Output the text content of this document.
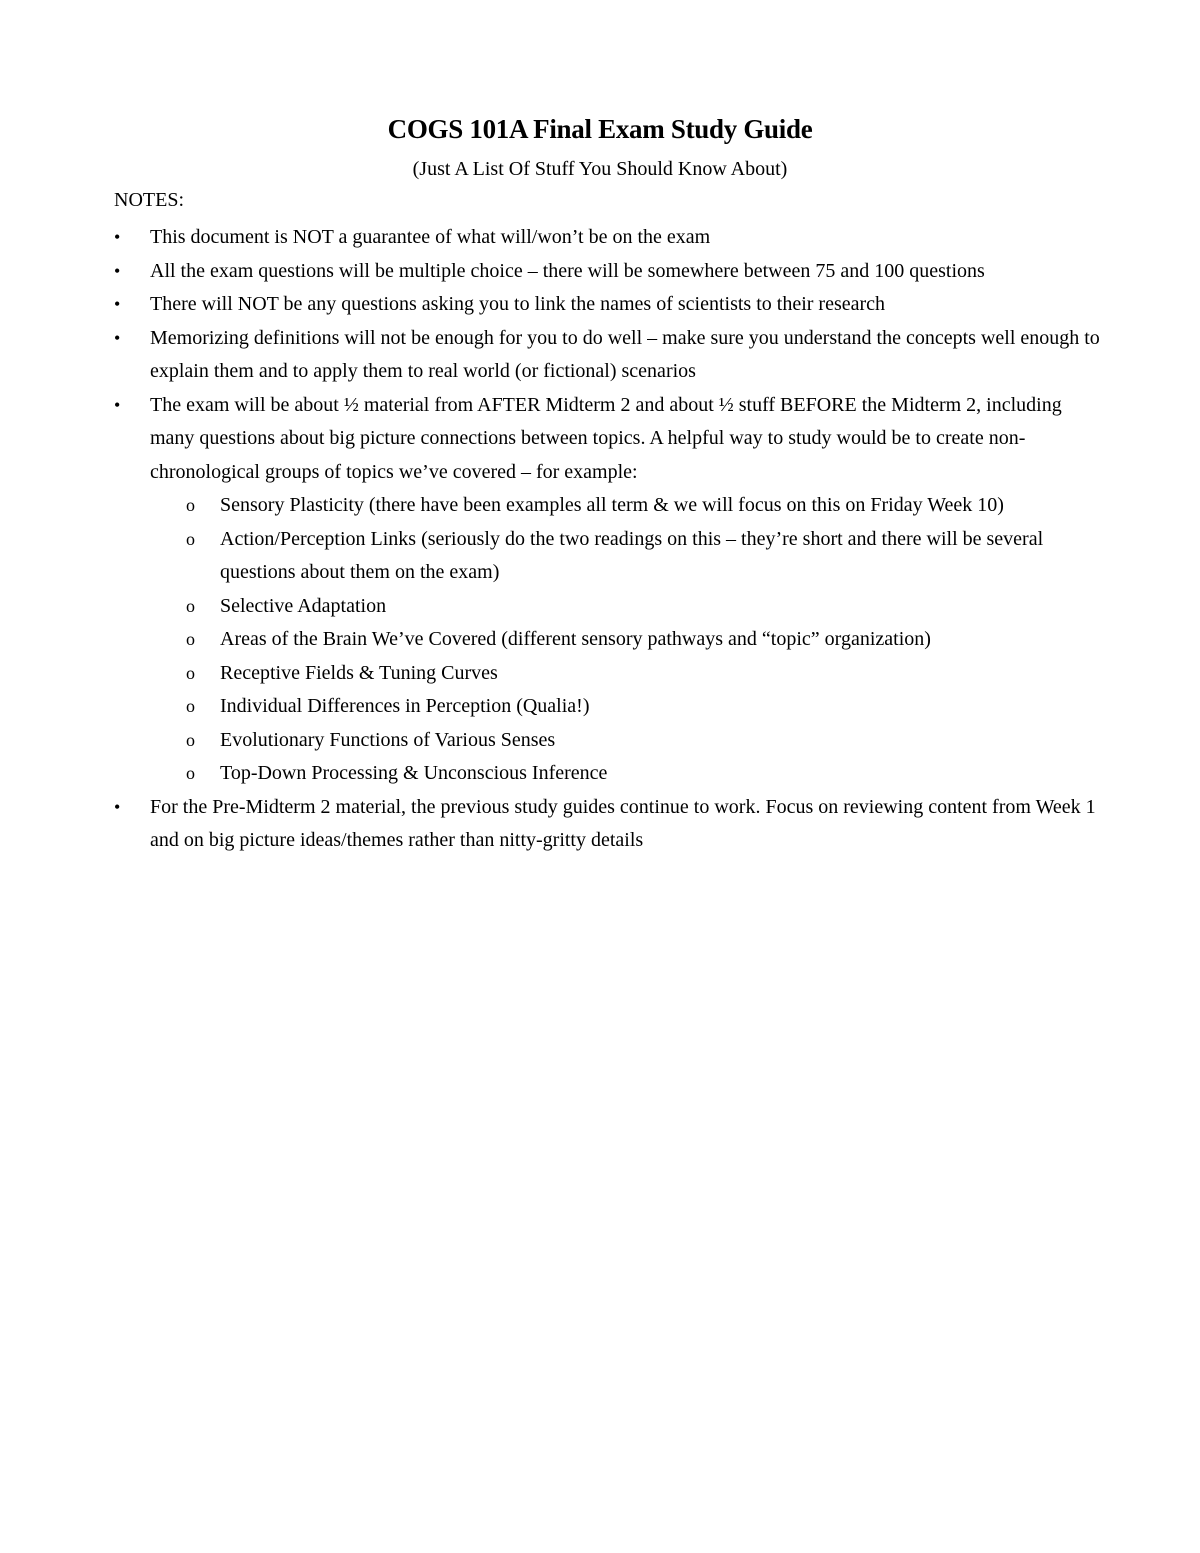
COGS 101A Final Exam Study Guide

(Just A List Of Stuff You Should Know About)

NOTES:

• This document is NOT a guarantee of what will/won’t be on the exam
• All the exam questions will be multiple choice – there will be somewhere between 75 and 100 questions
• There will NOT be any questions asking you to link the names of scientists to their research
• Memorizing definitions will not be enough for you to do well – make sure you understand the concepts well enough to explain them and to apply them to real world (or fictional) scenarios
• The exam will be about ½ material from AFTER Midterm 2 and about ½ stuff BEFORE the Midterm 2, including many questions about big picture connections between topics. A helpful way to study would be to create non-chronological groups of topics we’ve covered – for example:
o Sensory Plasticity (there have been examples all term & we will focus on this on Friday Week 10)
o Action/Perception Links (seriously do the two readings on this – they’re short and there will be several questions about them on the exam)
o Selective Adaptation
o Areas of the Brain We’ve Covered (different sensory pathways and “topic” organization)
o Receptive Fields & Tuning Curves
o Individual Differences in Perception (Qualia!)
o Evolutionary Functions of Various Senses
o Top-Down Processing & Unconscious Inference
• For the Pre-Midterm 2 material, the previous study guides continue to work. Focus on reviewing content from Week 1 and on big picture ideas/themes rather than nitty-gritty details
